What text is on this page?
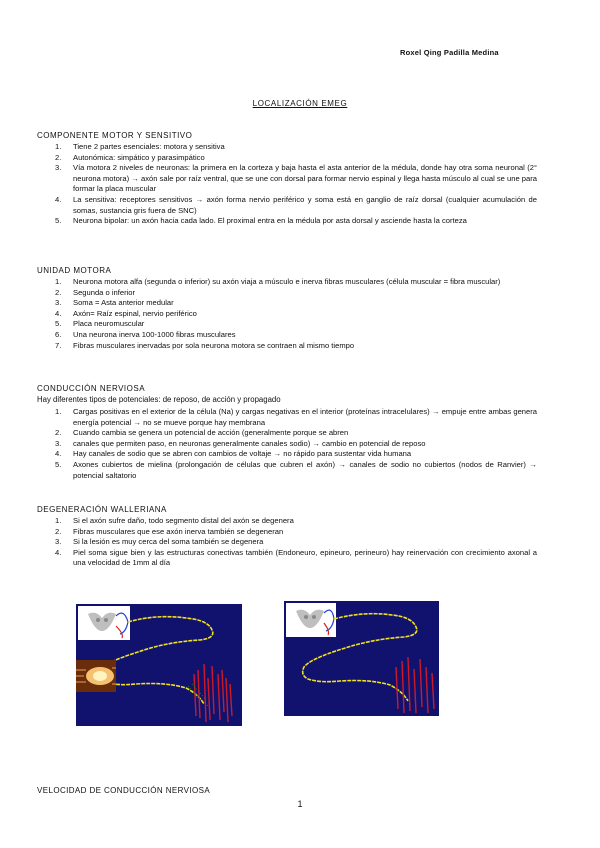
Roxel Qing Padilla Medina
LOCALIZACIÓN EMEG
COMPONENTE MOTOR Y SENSITIVO
1. Tiene 2 partes esenciales: motora y sensitiva
2. Autonómica: simpático y parasimpático
3. Vía motora 2 niveles de neuronas: la primera en la corteza y baja hasta el asta anterior de la médula, donde hay otra soma neuronal (2° neurona motora) → axón sale por raíz ventral, que se une con dorsal para formar nervio espinal y llega hasta músculo al cual se une para formar la placa muscular
4. La sensitiva: receptores sensitivos → axón forma nervio periférico y soma está en ganglio de raíz dorsal (cualquier acumulación de somas, sustancia gris fuera de SNC)
5. Neurona bipolar: un axón hacia cada lado. El proximal entra en la médula por asta dorsal y asciende hasta la corteza
UNIDAD MOTORA
1. Neurona motora alfa (segunda o inferior) su axón viaja a músculo e inerva fibras musculares (célula muscular = fibra muscular)
2. Segunda o inferior
3. Soma = Asta anterior medular
4. Axón= Raíz espinal, nervio periférico
5. Placa neuromuscular
6. Una neurona inerva 100-1000 fibras musculares
7. Fibras musculares inervadas por sola neurona motora se contraen al mismo tiempo
CONDUCCIÓN NERVIOSA
Hay diferentes tipos de potenciales: de reposo, de acción y propagado
1. Cargas positivas en el exterior de la célula (Na) y cargas negativas en el interior (proteínas intracelulares) → empuje entre ambas genera energía potencial → no se mueve porque hay membrana
2. Cuando cambia se genera un potencial de acción (generalmente porque se abren
3. canales que permiten paso, en neuronas generalmente canales sodio) → cambio en potencial de reposo
4. Hay canales de sodio que se abren con cambios de voltaje → no rápido para sustentar vida humana
5. Axones cubiertos de mielina (prolongación de células que cubren el axón) → canales de sodio no cubiertos (nodos de Ranvier) → potencial saltatorio
DEGENERACIÓN WALLERIANA
1. Si el axón sufre daño, todo segmento distal del axón se degenera
2. Fibras musculares que ese axón inerva también se degeneran
3. Si la lesión es muy cerca del soma también se degenera
4. Piel soma sigue bien y las estructuras conectivas también (Endoneuro, epineuro, perineuro) hay reinervación con crecimiento axonal a una velocidad de 1mm al día
VELOCIDAD DE CONDUCCIÓN NERVIOSA
1
